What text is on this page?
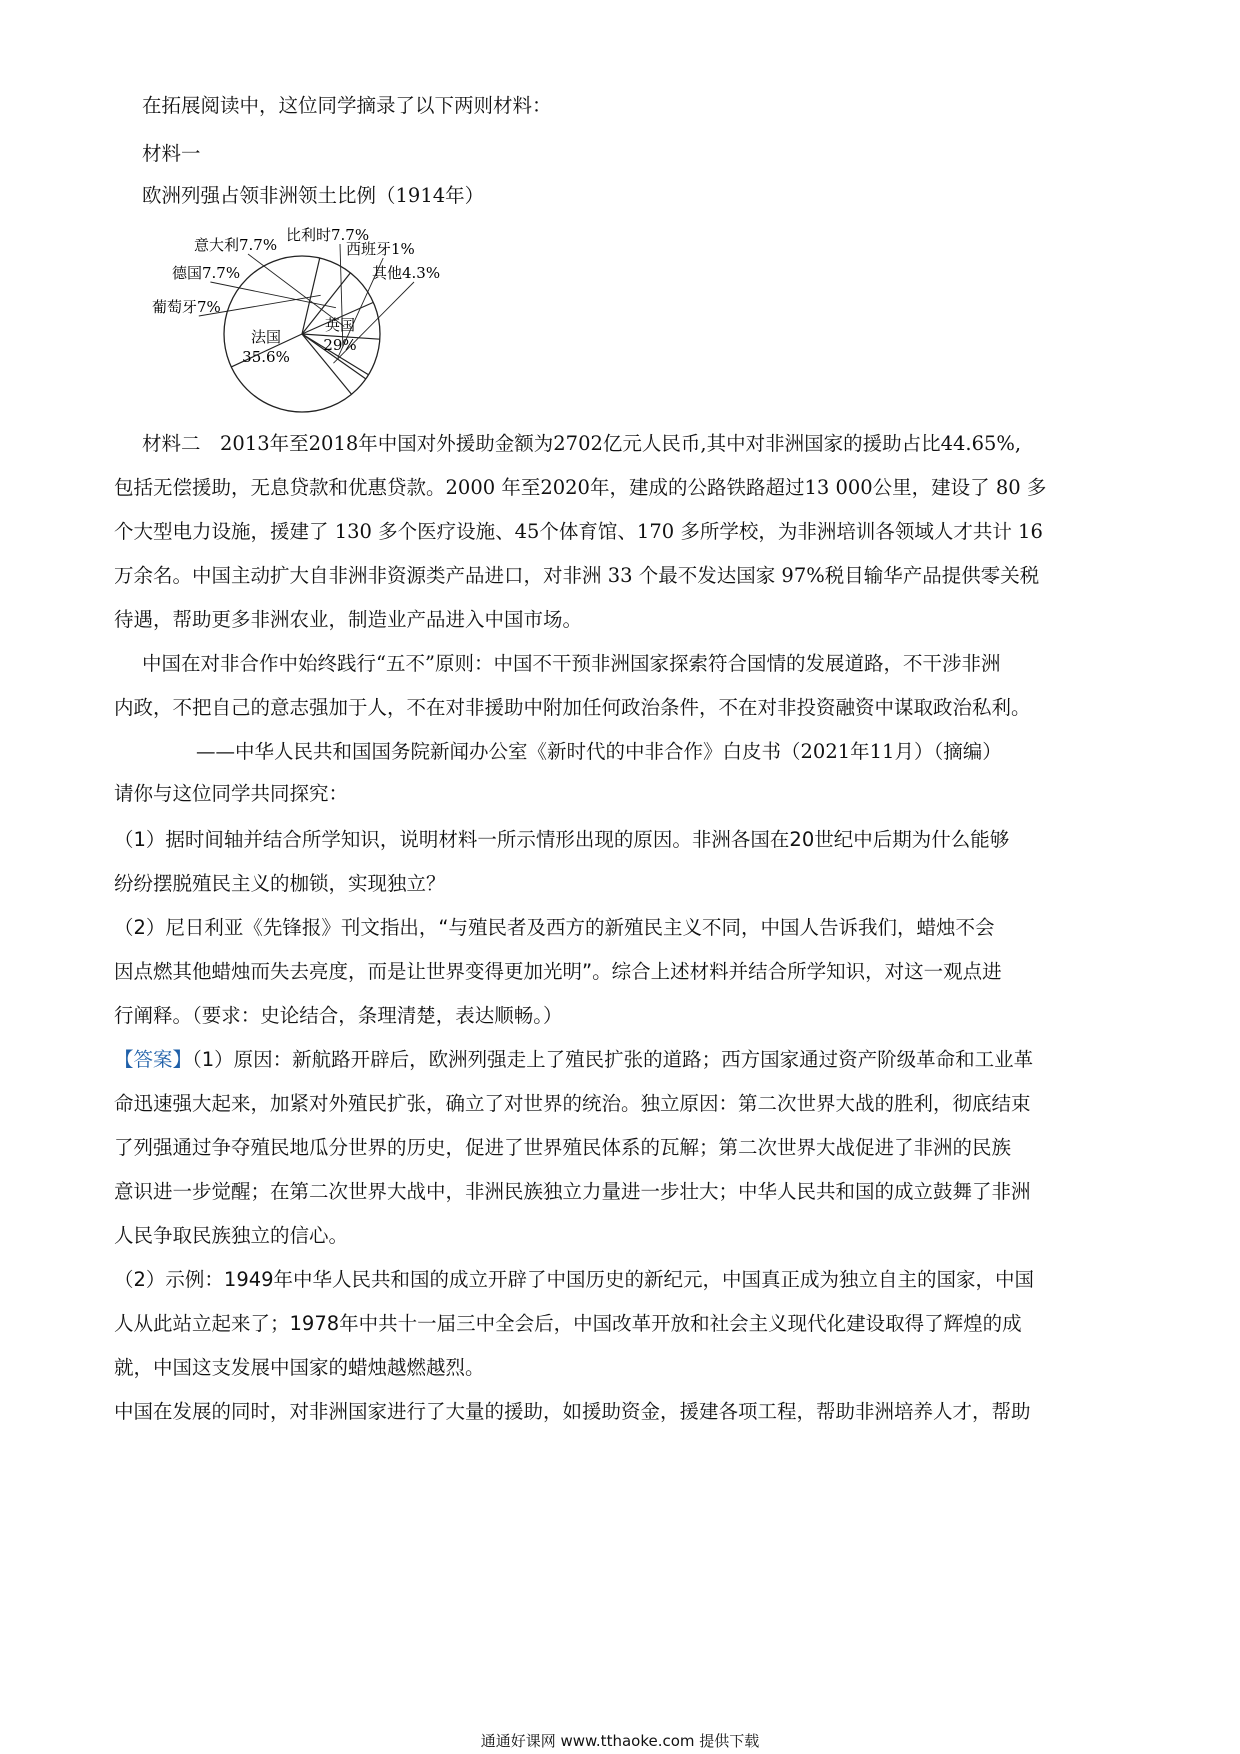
在拓展阅读中，这位同学摘录了以下两则材料：
材料一
欧洲列强占领非洲领土比例（1914年）
法国
35.6%
葡萄牙7%
德国7.7%
意大利7.7%
比利时7.7%
西班牙1%
其他4.3%
英国
29%
材料二　2013年至2018年中国对外援助金额为2702亿元人民币,其中对非洲国家的援助占比44.65%,
包括无偿援助，无息贷款和优惠贷款。2000 年至2020年，建成的公路铁路超过13 000公里，建设了 80 多
个大型电力设施，援建了 130 多个医疗设施、45个体育馆、170 多所学校，为非洲培训各领域人才共计 16
万余名。中国主动扩大自非洲非资源类产品进口，对非洲 33 个最不发达国家 97%税目输华产品提供零关税
待遇，帮助更多非洲农业，制造业产品进入中国市场。
中国在对非合作中始终践行“五不”原则：中国不干预非洲国家探索符合国情的发展道路，不干涉非洲
内政，不把自己的意志强加于人，不在对非援助中附加任何政治条件，不在对非投资融资中谋取政治私利。
——中华人民共和国国务院新闻办公室《新时代的中非合作》白皮书（2021年11月）（摘编）
请你与这位同学共同探究：
（1）据时间轴并结合所学知识，说明材料一所示情形出现的原因。非洲各国在20世纪中后期为什么能够
纷纷摆脱殖民主义的枷锁，实现独立？
（2）尼日利亚《先锋报》刊文指出，“与殖民者及西方的新殖民主义不同，中国人告诉我们，蜡烛不会
因点燃其他蜡烛而失去亮度，而是让世界变得更加光明”。综合上述材料并结合所学知识，对这一观点进
行阐释。（要求：史论结合，条理清楚，表达顺畅。）
【答案】（1）原因：新航路开辟后，欧洲列强走上了殖民扩张的道路；西方国家通过资产阶级革命和工业革
命迅速强大起来，加紧对外殖民扩张，确立了对世界的统治。独立原因：第二次世界大战的胜利，彻底结束
了列强通过争夺殖民地瓜分世界的历史，促进了世界殖民体系的瓦解；第二次世界大战促进了非洲的民族
意识进一步觉醒；在第二次世界大战中，非洲民族独立力量进一步壮大；中华人民共和国的成立鼓舞了非洲
人民争取民族独立的信心。
（2）示例：1949年中华人民共和国的成立开辟了中国历史的新纪元，中国真正成为独立自主的国家，中国
人从此站立起来了；1978年中共十一届三中全会后，中国改革开放和社会主义现代化建设取得了辉煌的成
就，中国这支发展中国家的蜡烛越燃越烈。
中国在发展的同时，对非洲国家进行了大量的援助，如援助资金，援建各项工程，帮助非洲培养人才，帮助
通通好课网 www.tthaoke.com 提供下载
